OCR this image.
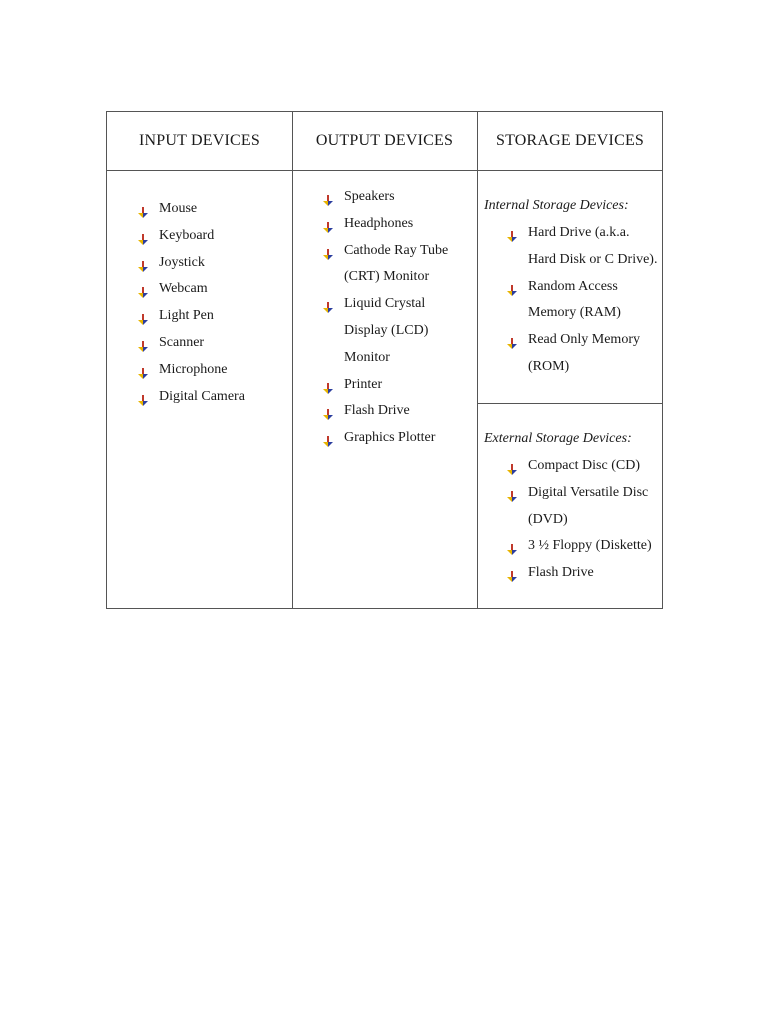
INPUT DEVICES	OUTPUT DEVICES	STORAGE DEVICES
Mouse
Keyboard
Joystick
Webcam
Light Pen
Scanner
Microphone
Digital Camera
Speakers
Headphones
Cathode Ray Tube (CRT) Monitor
Liquid Crystal Display (LCD) Monitor
Printer
Flash Drive
Graphics Plotter
Internal Storage Devices:
Hard Drive (a.k.a. Hard Disk or C Drive).
Random Access Memory (RAM)
Read Only Memory (ROM)
External Storage Devices:
Compact Disc (CD)
Digital Versatile Disc (DVD)
3 ½ Floppy (Diskette)
Flash Drive
